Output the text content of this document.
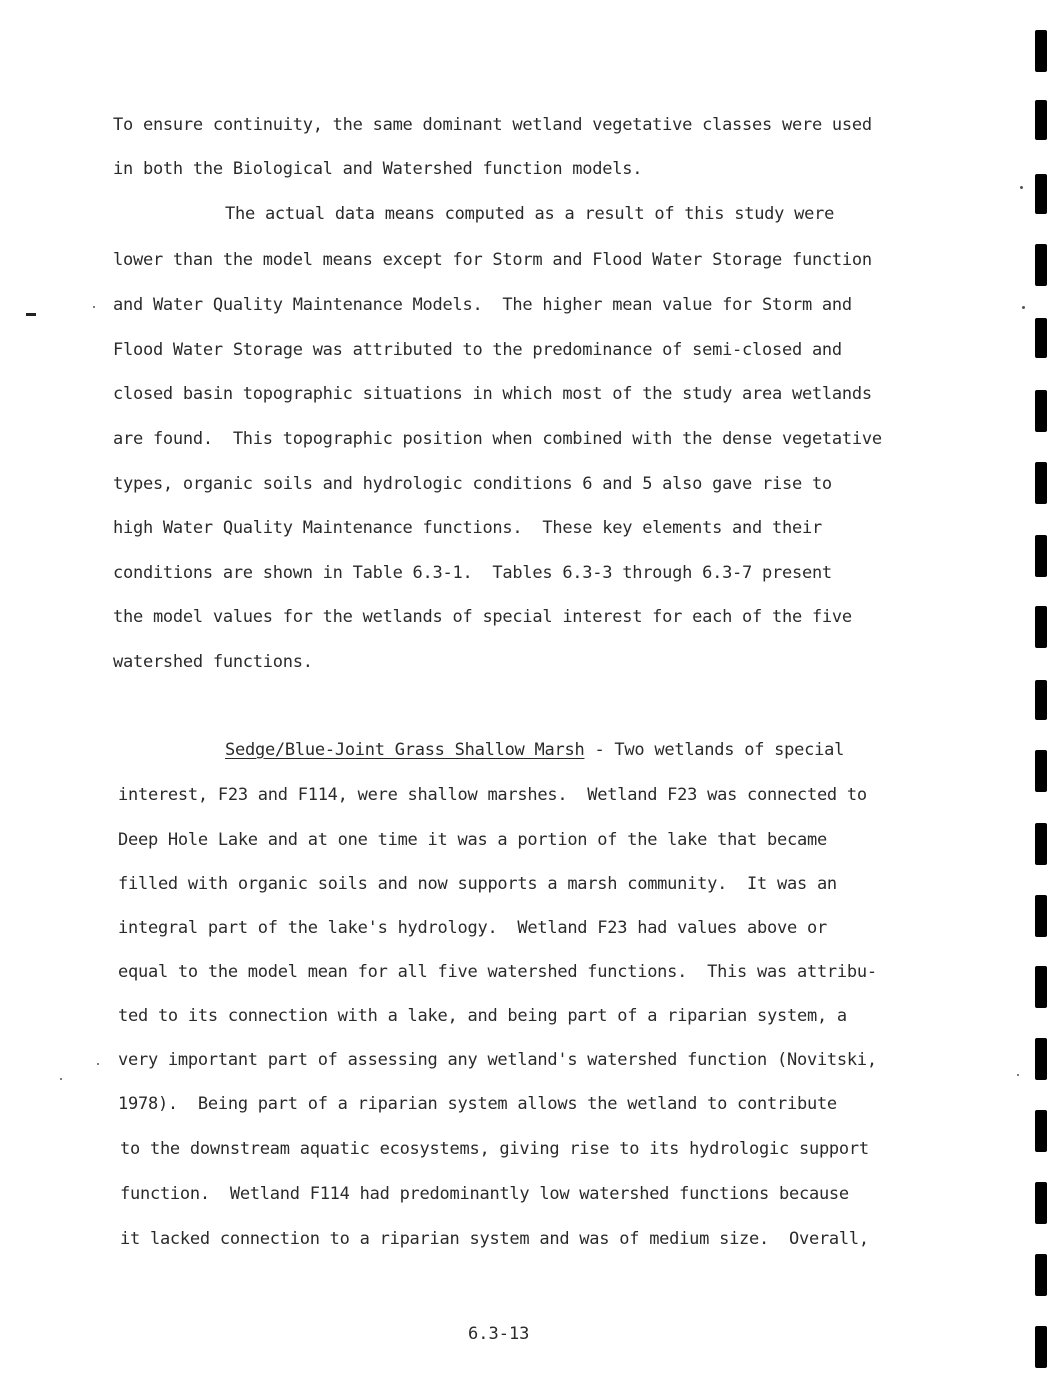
To ensure continuity, the same dominant wetland vegetative classes were used
in both the Biological and Watershed function models.
The actual data means computed as a result of this study were
lower than the model means except for Storm and Flood Water Storage function
and Water Quality Maintenance Models.  The higher mean value for Storm and
Flood Water Storage was attributed to the predominance of semi-closed and
closed basin topographic situations in which most of the study area wetlands
are found.  This topographic position when combined with the dense vegetative
types, organic soils and hydrologic conditions 6 and 5 also gave rise to
high Water Quality Maintenance functions.  These key elements and their
conditions are shown in Table 6.3-1.  Tables 6.3-3 through 6.3-7 present
the model values for the wetlands of special interest for each of the five
watershed functions.
Sedge/Blue-Joint Grass Shallow Marsh - Two wetlands of special
interest, F23 and F114, were shallow marshes.  Wetland F23 was connected to
Deep Hole Lake and at one time it was a portion of the lake that became
filled with organic soils and now supports a marsh community.  It was an
integral part of the lake's hydrology.  Wetland F23 had values above or
equal to the model mean for all five watershed functions.  This was attribu-
ted to its connection with a lake, and being part of a riparian system, a
very important part of assessing any wetland's watershed function (Novitski,
1978).  Being part of a riparian system allows the wetland to contribute
to the downstream aquatic ecosystems, giving rise to its hydrologic support
function.  Wetland F114 had predominantly low watershed functions because
it lacked connection to a riparian system and was of medium size.  Overall,
6.3-13
